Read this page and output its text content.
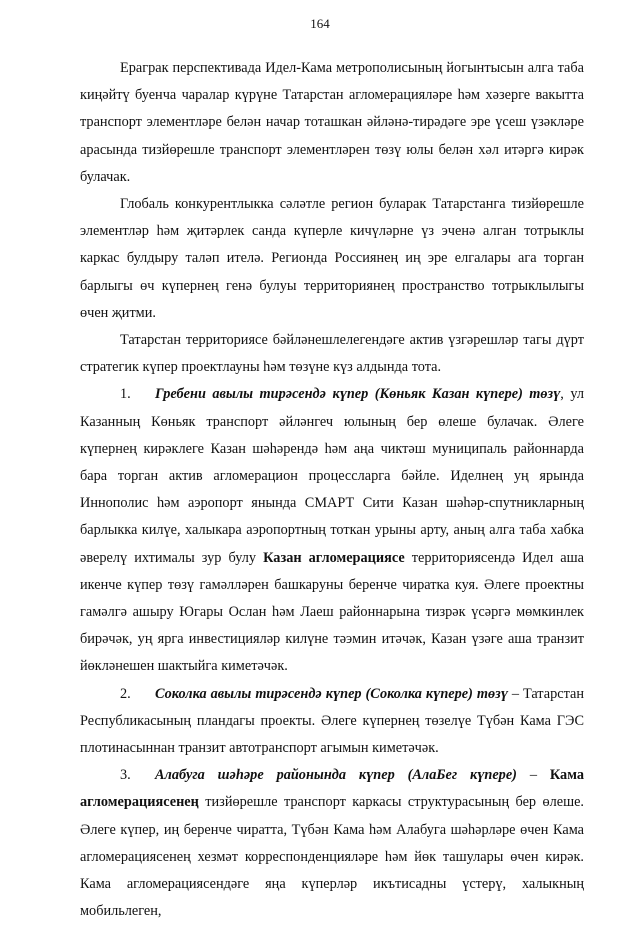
164

Ераграк перспективада Идел-Кама метрополисының йогынтысын алга таба киңәйтү буенча чаралар күрүне Татарстан агломерацияләре һәм хәзерге вакытта транспорт элементләре белән начар тоташкан әйләнә-тирәдәге эре үсеш үзәкләре арасында тизйөрешле транспорт элементләрен төзү юлы белән хәл итәргә кирәк булачак.

Глобаль конкурентлыкка сәләтле регион буларак Татарстанга тизйөрешле элементләр һәм җитәрлек санда күперле кичүләрне үз эченә алган тотрыклы каркас булдыру таләп ителә. Регионда Россиянең иң эре елгалары ага торган барлыгы өч күпернең генә булуы территориянең пространство тотрыклылыгы өчен җитми.

Татарстан территориясе бәйләнешлелегендәге актив үзгәрешләр тагы дүрт стратегик күпер проектлауны һәм төзүне күз алдында тота.

1. Гребени авылы тирәсендә күпер (Көньяк Казан күпере) төзү, ул Казанның Көньяк транспорт әйләнгеч юлының бер өлеше булачак. Әлеге күпернең кирәклеге Казан шәһәрендә һәм аңа чиктәш муниципаль районнарда бара торган актив агломерацион процессларга бәйле. Иделнең уң ярында Иннополис һәм аэропорт янында СМАРТ Сити Казан шәһәр-спутникларның барлыкка килүе, халыкара аэропортның тоткан урыны арту, аның алга таба хабка әверелү ихтималы зур булу Казан агломерациясе территориясендә Идел аша икенче күпер төзү гамәлләрен башкаруны беренче чиратка куя. Әлеге проектны гамәлгә ашыру Югары Ослан һәм Лаеш районнарына тизрәк үсәргә мөмкинлек бирәчәк, уң ярга инвестицияләр килүне тәэмин итәчәк, Казан үзәге аша транзит йөкләнешен шактыйга киметәчәк.

2. Соколка авылы тирәсендә күпер (Соколка күпере) төзү – Татарстан Республикасының пландагы проекты. Әлеге күпернең төзелүе Түбән Кама ГЭС плотинасыннан транзит автотранспорт агымын киметәчәк.

3. Алабуга шәһәре районында күпер (АлаБег күпере) – Кама агломерациясенең тизйөрешле транспорт каркасы структурасының бер өлеше. Әлеге күпер, иң беренче чиратта, Түбән Кама һәм Алабуга шәһәрләре өчен Кама агломерациясенең хезмәт корреспонденцияләре һәм йөк ташулары өчен кирәк. Кама агломерациясендәге яңа күперләр икътисадны үстерү, халыкның мобильлеген,
